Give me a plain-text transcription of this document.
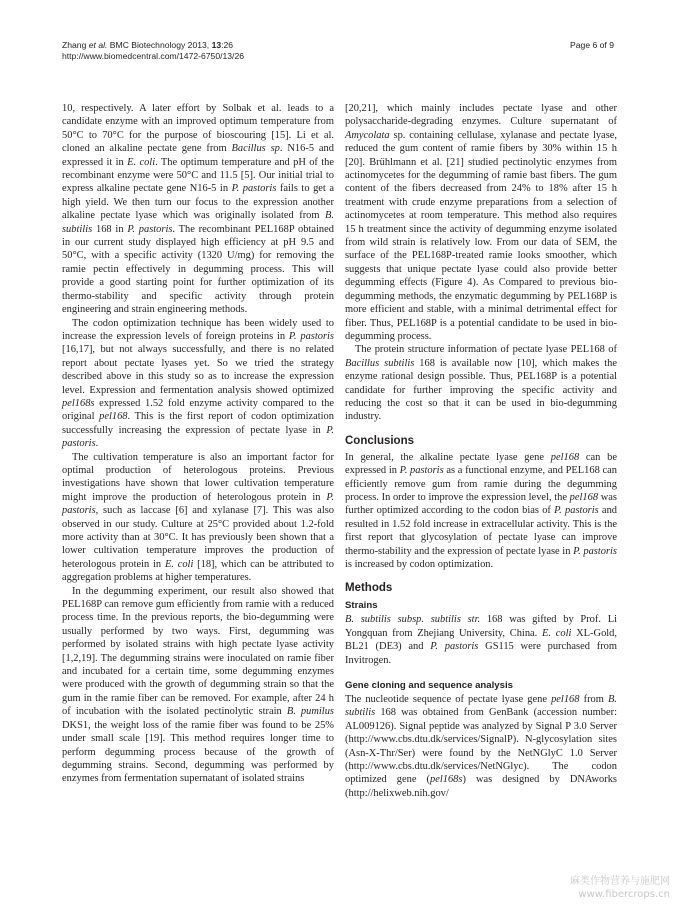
Zhang et al. BMC Biotechnology 2013, 13:26
http://www.biomedcentral.com/1472-6750/13/26
Page 6 of 9

10, respectively. A later effort by Solbak et al. leads to a candidate enzyme with an improved optimum temperature from 50°C to 70°C for the purpose of bioscouring [15]. Li et al. cloned an alkaline pectate gene from Bacillus sp. N16-5 and expressed it in E. coli. The optimum temperature and pH of the recombinant enzyme were 50°C and 11.5 [5]. Our initial trial to express alkaline pectate gene N16-5 in P. pastoris fails to get a high yield. We then turn our focus to the expression another alkaline pectate lyase which was originally isolated from B. subtilis 168 in P. pastoris. The recombinant PEL168P obtained in our current study displayed high efficiency at pH 9.5 and 50°C, with a specific activity (1320 U/mg) for removing the ramie pectin effectively in degumming process. This will provide a good starting point for further optimization of its thermo-stability and specific activity through protein engineering and strain engineering methods.

The codon optimization technique has been widely used to increase the expression levels of foreign proteins in P. pastoris [16,17], but not always successfully, and there is no related report about pectate lyases yet. So we tried the strategy described above in this study so as to increase the expression level. Expression and fermentation analysis showed optimized pel168s expressed 1.52 fold enzyme activity compared to the original pel168. This is the first report of codon optimization successfully increasing the expression of pectate lyase in P. pastoris.

The cultivation temperature is also an important factor for optimal production of heterologous proteins. Previous investigations have shown that lower cultivation temperature might improve the production of heterologous protein in P. pastoris, such as laccase [6] and xylanase [7]. This was also observed in our study. Culture at 25°C provided about 1.2-fold more activity than at 30°C. It has previously been shown that a lower cultivation temperature improves the production of heterologous protein in E. coli [18], which can be attributed to aggregation problems at higher temperatures.

In the degumming experiment, our result also showed that PEL168P can remove gum efficiently from ramie with a reduced process time. In the previous reports, the bio-degumming were usually performed by two ways. First, degumming was performed by isolated strains with high pectate lyase activity [1,2,19]. The degumming strains were inoculated on ramie fiber and incubated for a certain time, some degumming enzymes were produced with the growth of degumming strain so that the gum in the ramie fiber can be removed. For example, after 24 h of incubation with the isolated pectinolytic strain B. pumilus DKS1, the weight loss of the ramie fiber was found to be 25% under small scale [19]. This method requires longer time to perform degumming process because of the growth of degumming strains. Second, degumming was performed by enzymes from fermentation supernatant of isolated strains

[20,21], which mainly includes pectate lyase and other polysaccharide-degrading enzymes. Culture supernatant of Amycolata sp. containing cellulase, xylanase and pectate lyase, reduced the gum content of ramie fibers by 30% within 15 h [20]. Brühlmann et al. [21] studied pectinolytic enzymes from actinomycetes for the degumming of ramie bast fibers. The gum content of the fibers decreased from 24% to 18% after 15 h treatment with crude enzyme preparations from a selection of actinomycetes at room temperature. This method also requires 15 h treatment since the activity of degumming enzyme isolated from wild strain is relatively low. From our data of SEM, the surface of the PEL168P-treated ramie looks smoother, which suggests that unique pectate lyase could also provide better degumming effects (Figure 4). As Compared to previous bio-degumming methods, the enzymatic degumming by PEL168P is more efficient and stable, with a minimal detrimental effect for fiber. Thus, PEL168P is a potential candidate to be used in bio-degumming process.

The protein structure information of pectate lyase PEL168 of Bacillus subtilis 168 is available now [10], which makes the enzyme rational design possible. Thus, PEL168P is a potential candidate for further improving the specific activity and reducing the cost so that it can be used in bio-degumming industry.

Conclusions

In general, the alkaline pectate lyase gene pel168 can be expressed in P. pastoris as a functional enzyme, and PEL168 can efficiently remove gum from ramie during the degumming process. In order to improve the expression level, the pel168 was further optimized according to the codon bias of P. pastoris and resulted in 1.52 fold increase in extracellular activity. This is the first report that glycosylation of pectate lyase can improve thermo-stability and the expression of pectate lyase in P. pastoris is increased by codon optimization.

Methods
Strains

B. subtilis subsp. subtilis str. 168 was gifted by Prof. Li Yongquan from Zhejiang University, China. E. coli XL-Gold, BL21 (DE3) and P. pastoris GS115 were purchased from Invitrogen.

Gene cloning and sequence analysis

The nucleotide sequence of pectate lyase gene pel168 from B. subtilis 168 was obtained from GenBank (accession number: AL009126). Signal peptide was analyzed by Signal P 3.0 Server (http://www.cbs.dtu.dk/services/SignalP). N-glycosylation sites (Asn-X-Thr/Ser) were found by the NetNGlyC 1.0 Server (http://www.cbs.dtu.dk/services/NetNGlyc). The codon optimized gene (pel168s) was designed by DNAworks (http://helixweb.nih.gov/

麻类作物营养与施肥网
www.fibercrops.cn
